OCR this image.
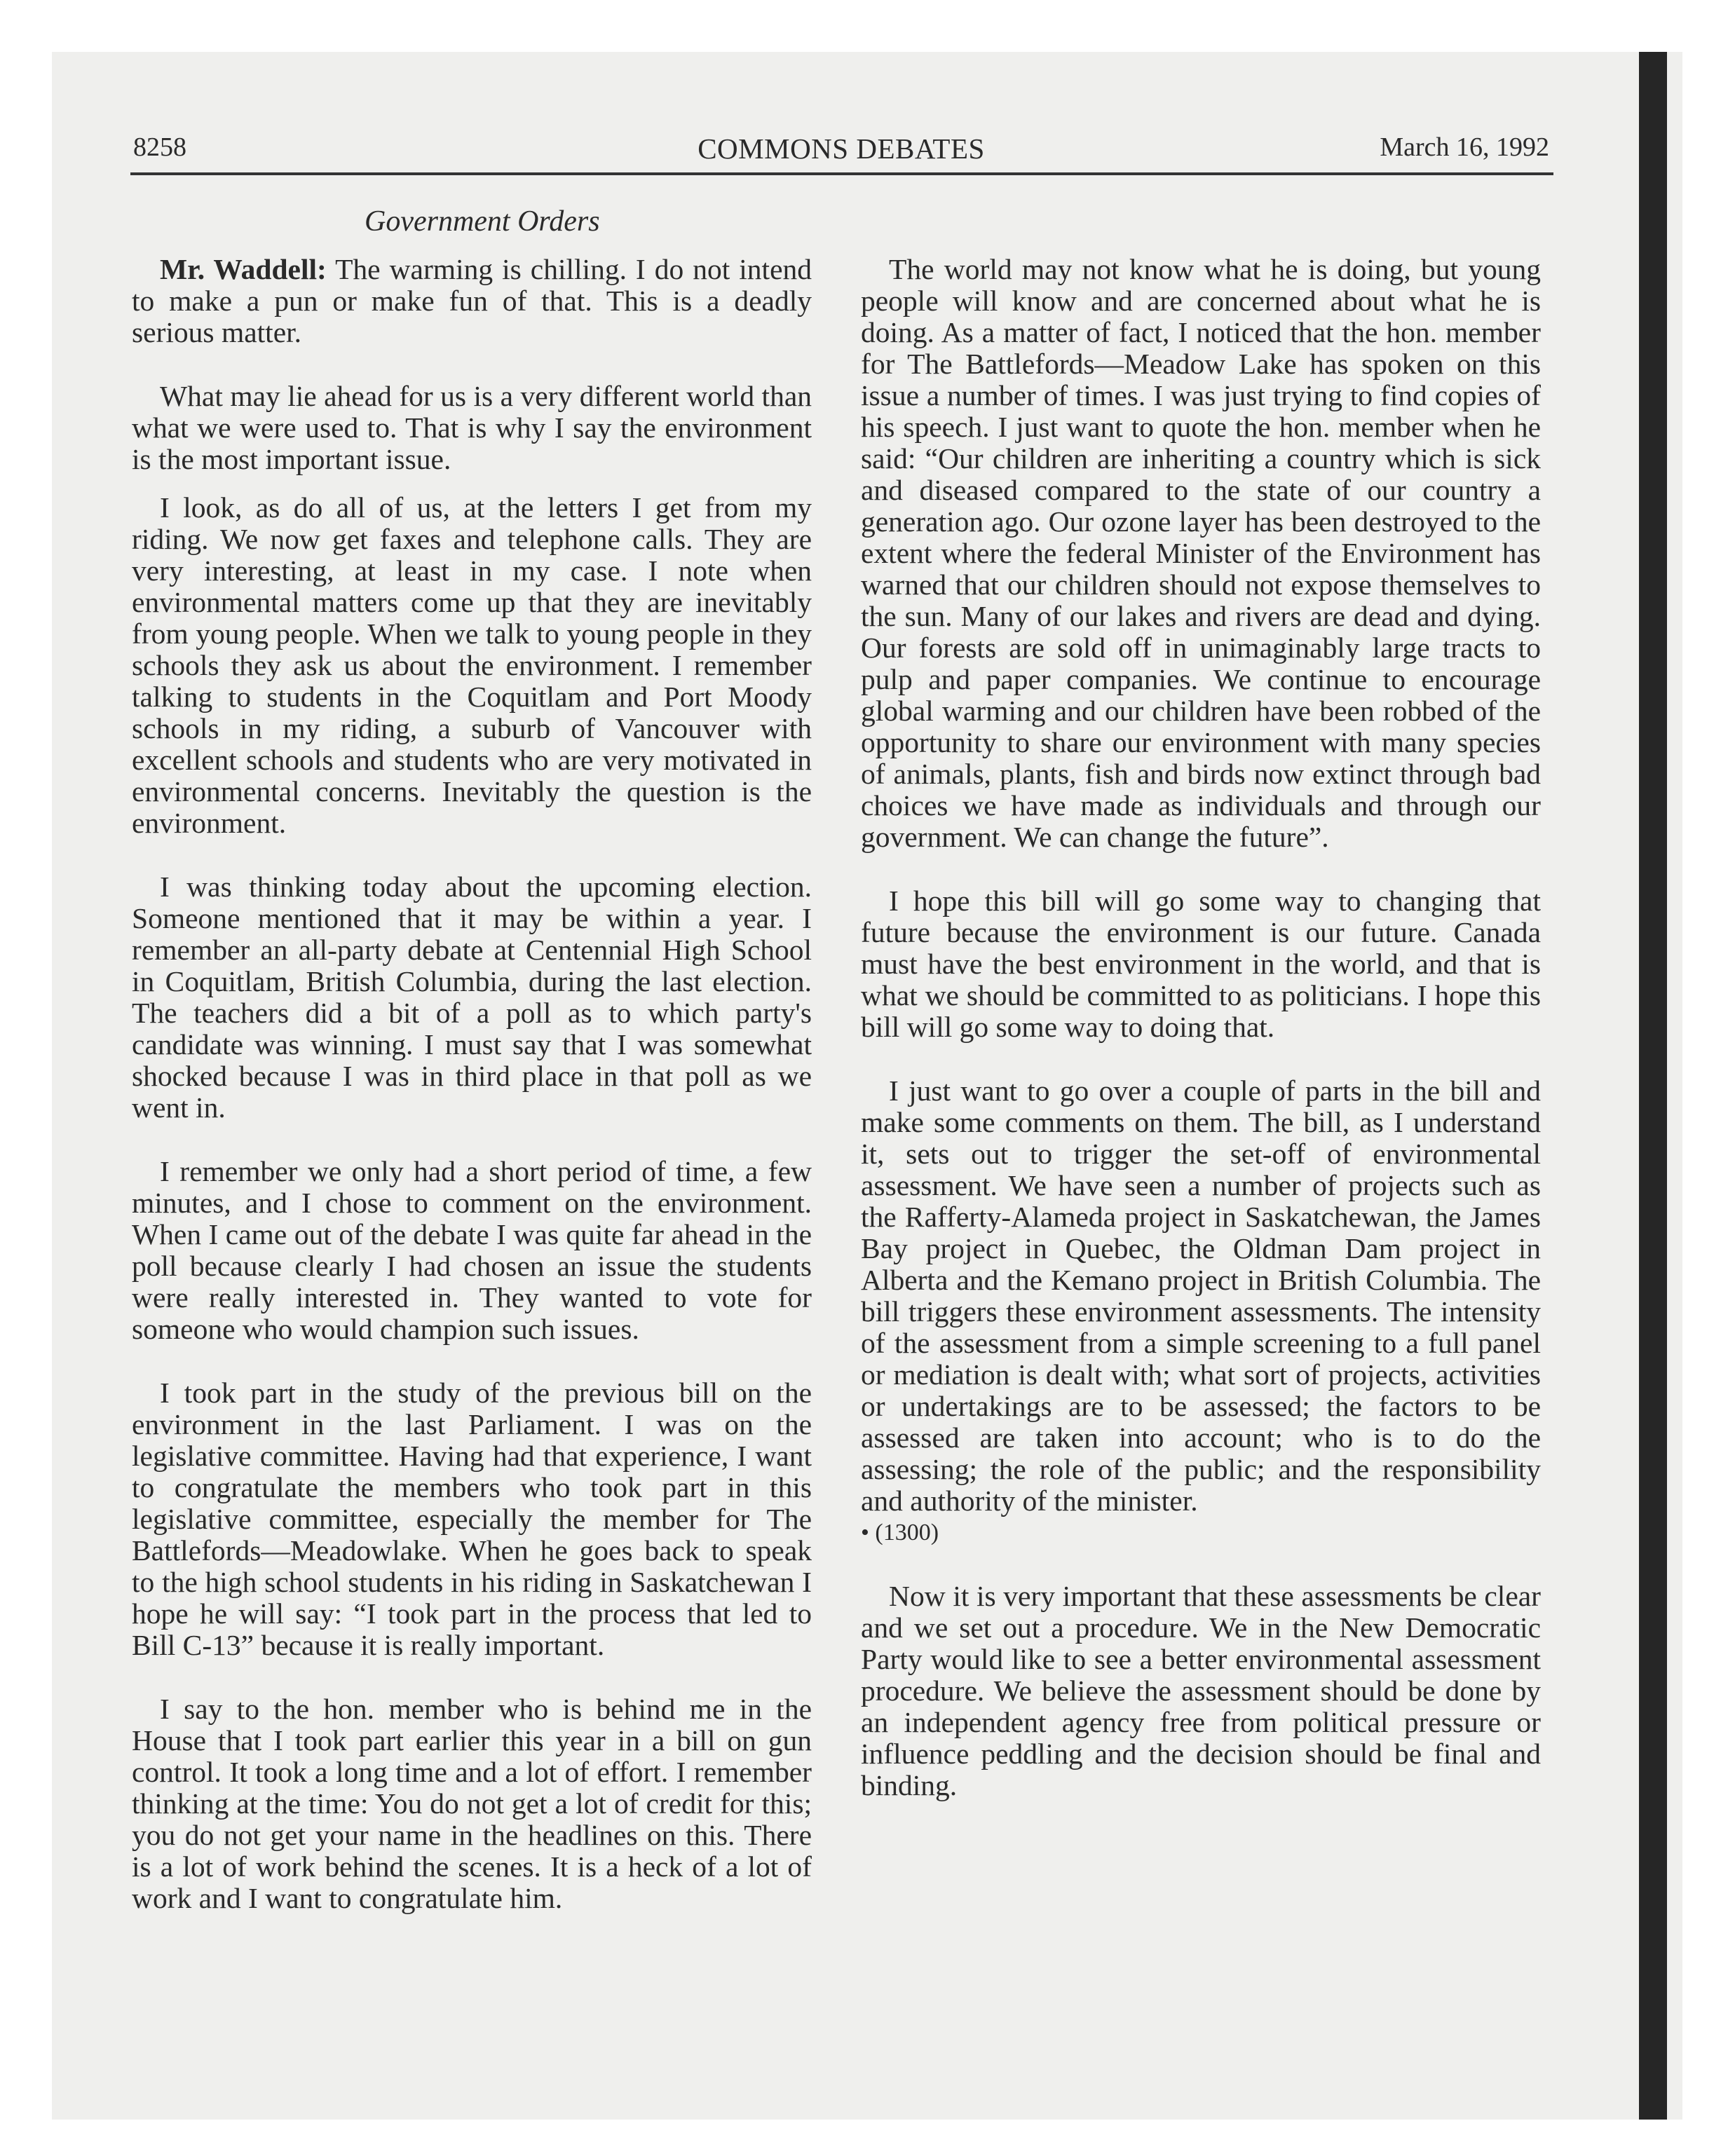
8258	COMMONS DEBATES	March 16, 1992
Government Orders

Mr. Waddell: The warming is chilling. I do not intend to make a pun or make fun of that. This is a deadly serious matter.

What may lie ahead for us is a very different world than what we were used to. That is why I say the environment is the most important issue.

I look, as do all of us, at the letters I get from my riding. We now get faxes and telephone calls. They are very interesting, at least in my case. I note when environmental matters come up that they are inevitably from young people. When we talk to young people in they schools they ask us about the environment. I remember talking to students in the Coquitlam and Port Moody schools in my riding, a suburb of Vancouver with excellent schools and students who are very motivated in environmental concerns. Inevitably the question is the environment.

I was thinking today about the upcoming election. Someone mentioned that it may be within a year. I remember an all-party debate at Centennial High School in Coquitlam, British Columbia, during the last election. The teachers did a bit of a poll as to which party's candidate was winning. I must say that I was somewhat shocked because I was in third place in that poll as we went in.

I remember we only had a short period of time, a few minutes, and I chose to comment on the environment. When I came out of the debate I was quite far ahead in the poll because clearly I had chosen an issue the students were really interested in. They wanted to vote for someone who would champion such issues.

I took part in the study of the previous bill on the environment in the last Parliament. I was on the legislative committee. Having had that experience, I want to congratulate the members who took part in this legislative committee, especially the member for The Battlefords—Meadowlake. When he goes back to speak to the high school students in his riding in Saskatchewan I hope he will say: “I took part in the process that led to Bill C-13” because it is really important.

I say to the hon. member who is behind me in the House that I took part earlier this year in a bill on gun control. It took a long time and a lot of effort. I remember thinking at the time: You do not get a lot of credit for this; you do not get your name in the headlines on this. There is a lot of work behind the scenes. It is a heck of a lot of work and I want to congratulate him.

The world may not know what he is doing, but young people will know and are concerned about what he is doing. As a matter of fact, I noticed that the hon. member for The Battlefords—Meadow Lake has spoken on this issue a number of times. I was just trying to find copies of his speech. I just want to quote the hon. member when he said: “Our children are inheriting a country which is sick and diseased compared to the state of our country a generation ago. Our ozone layer has been destroyed to the extent where the federal Minister of the Environment has warned that our children should not expose themselves to the sun. Many of our lakes and rivers are dead and dying. Our forests are sold off in unimaginably large tracts to pulp and paper companies. We continue to encourage global warming and our children have been robbed of the opportunity to share our environment with many species of animals, plants, fish and birds now extinct through bad choices we have made as individuals and through our government. We can change the future”.

I hope this bill will go some way to changing that future because the environment is our future. Canada must have the best environment in the world, and that is what we should be committed to as politicians. I hope this bill will go some way to doing that.

I just want to go over a couple of parts in the bill and make some comments on them. The bill, as I understand it, sets out to trigger the set-off of environmental assessment. We have seen a number of projects such as the Rafferty-Alameda project in Saskatchewan, the James Bay project in Quebec, the Oldman Dam project in Alberta and the Kemano project in British Columbia. The bill triggers these environment assessments. The intensity of the assessment from a simple screening to a full panel or mediation is dealt with; what sort of projects, activities or undertakings are to be assessed; the factors to be assessed are taken into account; who is to do the assessing; the role of the public; and the responsibility and authority of the minister.

• (1300)

Now it is very important that these assessments be clear and we set out a procedure. We in the New Democratic Party would like to see a better environmental assessment procedure. We believe the assessment should be done by an independent agency free from political pressure or influence peddling and the decision should be final and binding.
